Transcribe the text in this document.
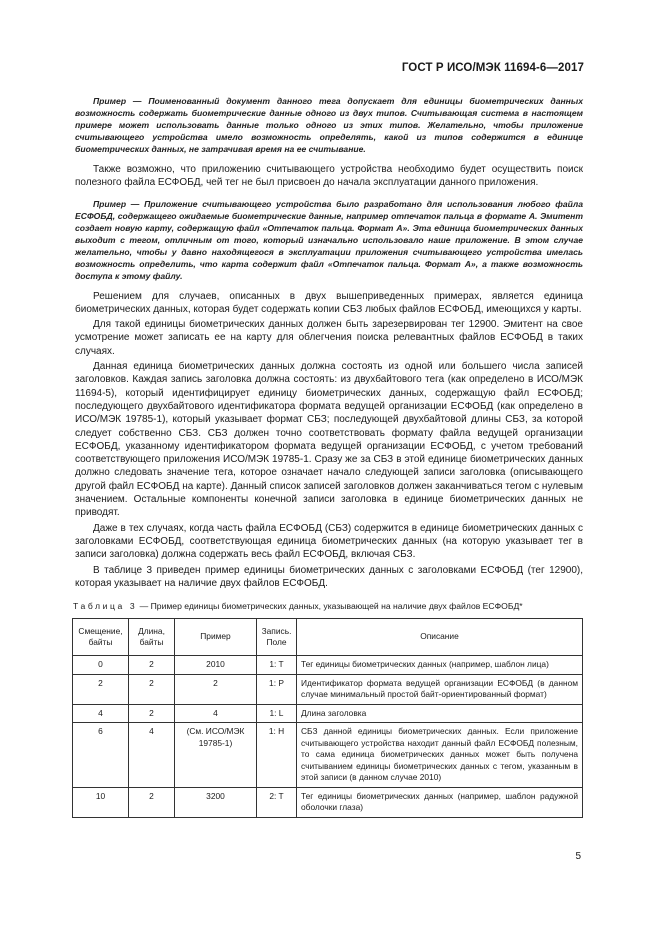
ГОСТ Р ИСО/МЭК 11694-6—2017

Пример — Поименованный документ данного тега допускает для единицы биометрических данных возможность содержать биометрические данные одного из двух типов. Считывающая система в настоящем примере может использовать данные только одного из этих типов. Желательно, чтобы приложение считывающего устройства имело возможность определять, какой из типов содержится в единице биометрических данных, не затрачивая время на ее считывание.

Также возможно, что приложению считывающего устройства необходимо будет осуществить поиск полезного файла ЕСФОБД, чей тег не был присвоен до начала эксплуатации данного приложения.

Пример — Приложение считывающего устройства было разработано для использования любого файла ЕСФОБД, содержащего ожидаемые биометрические данные, например отпечаток пальца в формате А. Эмитент создает новую карту, содержащую файл «Отпечаток пальца. Формат А». Эта единица биометрических данных выходит с тегом, отличным от того, который изначально использовало наше приложение. В этом случае желательно, чтобы у давно находящегося в эксплуатации приложения считывающего устройства имелась возможность определить, что карта содержит файл «Отпечаток пальца. Формат А», а также возможность доступа к этому файлу.

Решением для случаев, описанных в двух вышеприведенных примерах, является единица биометрических данных, которая будет содержать копии СБЗ любых файлов ЕСФОБД, имеющихся у карты.

Для такой единицы биометрических данных должен быть зарезервирован тег 12900. Эмитент на свое усмотрение может записать ее на карту для облегчения поиска релевантных файлов ЕСФОБД в таких случаях.

Данная единица биометрических данных должна состоять из одной или большего числа записей заголовков. Каждая запись заголовка должна состоять: из двухбайтового тега (как определено в ИСО/МЭК 11694-5), который идентифицирует единицу биометрических данных, содержащую файл ЕСФОБД; последующего двухбайтового идентификатора формата ведущей организации ЕСФОБД (как определено в ИСО/МЭК 19785-1), который указывает формат СБЗ; последующей двухбайтовой длины СБЗ, за которой следует собственно СБЗ. СБЗ должен точно соответствовать формату файла ведущей организации ЕСФОБД, указанному идентификатором формата ведущей организации ЕСФОБД, с учетом требований соответствующего приложения ИСО/МЭК 19785-1. Сразу же за СБЗ в этой единице биометрических данных должно следовать значение тега, которое означает начало следующей записи заголовка (описывающего другой файл ЕСФОБД на карте). Данный список записей заголовков должен заканчиваться тегом с нулевым значением. Остальные компоненты конечной записи заголовка в единице биометрических данных не приводят.

Даже в тех случаях, когда часть файла ЕСФОБД (СБЗ) содержится в единице биометрических данных с заголовками ЕСФОБД, соответствующая единица биометрических данных (на которую указывает тег в записи заголовка) должна содержать весь файл ЕСФОБД, включая СБЗ.

В таблице 3 приведен пример единицы биометрических данных с заголовками ЕСФОБД (тег 12900), которая указывает на наличие двух файлов ЕСФОБД.

Таблица 3 — Пример единицы биометрических данных, указывающей на наличие двух файлов ЕСФОБД*
Смещение, байты	Длина, байты	Пример	Запись. Поле	Описание
0	2	2010	1: T	Тег единицы биометрических данных (например, шаблон лица)
2	2	2	1: P	Идентификатор формата ведущей организации ЕСФОБД (в данном случае минимальный простой байт-ориентированный формат)
4	2	4	1: L	Длина заголовка
6	4	(См. ИСО/МЭК 19785-1)	1: H	СБЗ данной единицы биометрических данных. Если приложение считывающего устройства находит данный файл ЕСФОБД полезным, то сама единица биометрических данных может быть получена считыванием единицы биометрических данных с тегом, указанным в этой записи (в данном случае 2010)
10	2	3200	2: T	Тег единицы биометрических данных (например, шаблон радужной оболочки глаза)
5
